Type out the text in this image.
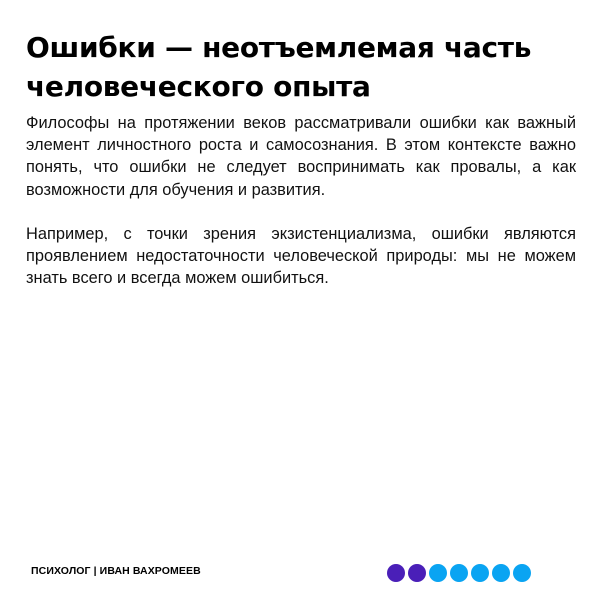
Ошибки — неотъемлемая часть человеческого опыта

Философы на протяжении веков рассматривали ошибки как важный элемент личностного роста и самосознания. В этом контексте важно понять, что ошибки не следует воспринимать как провалы, а как возможности для обучения и развития.

Например, с точки зрения экзистенциализма, ошибки являются проявлением недостаточности человеческой природы: мы не можем знать всего и всегда можем ошибиться.

ПСИХОЛОГ | ИВАН ВАХРОМЕЕВ
